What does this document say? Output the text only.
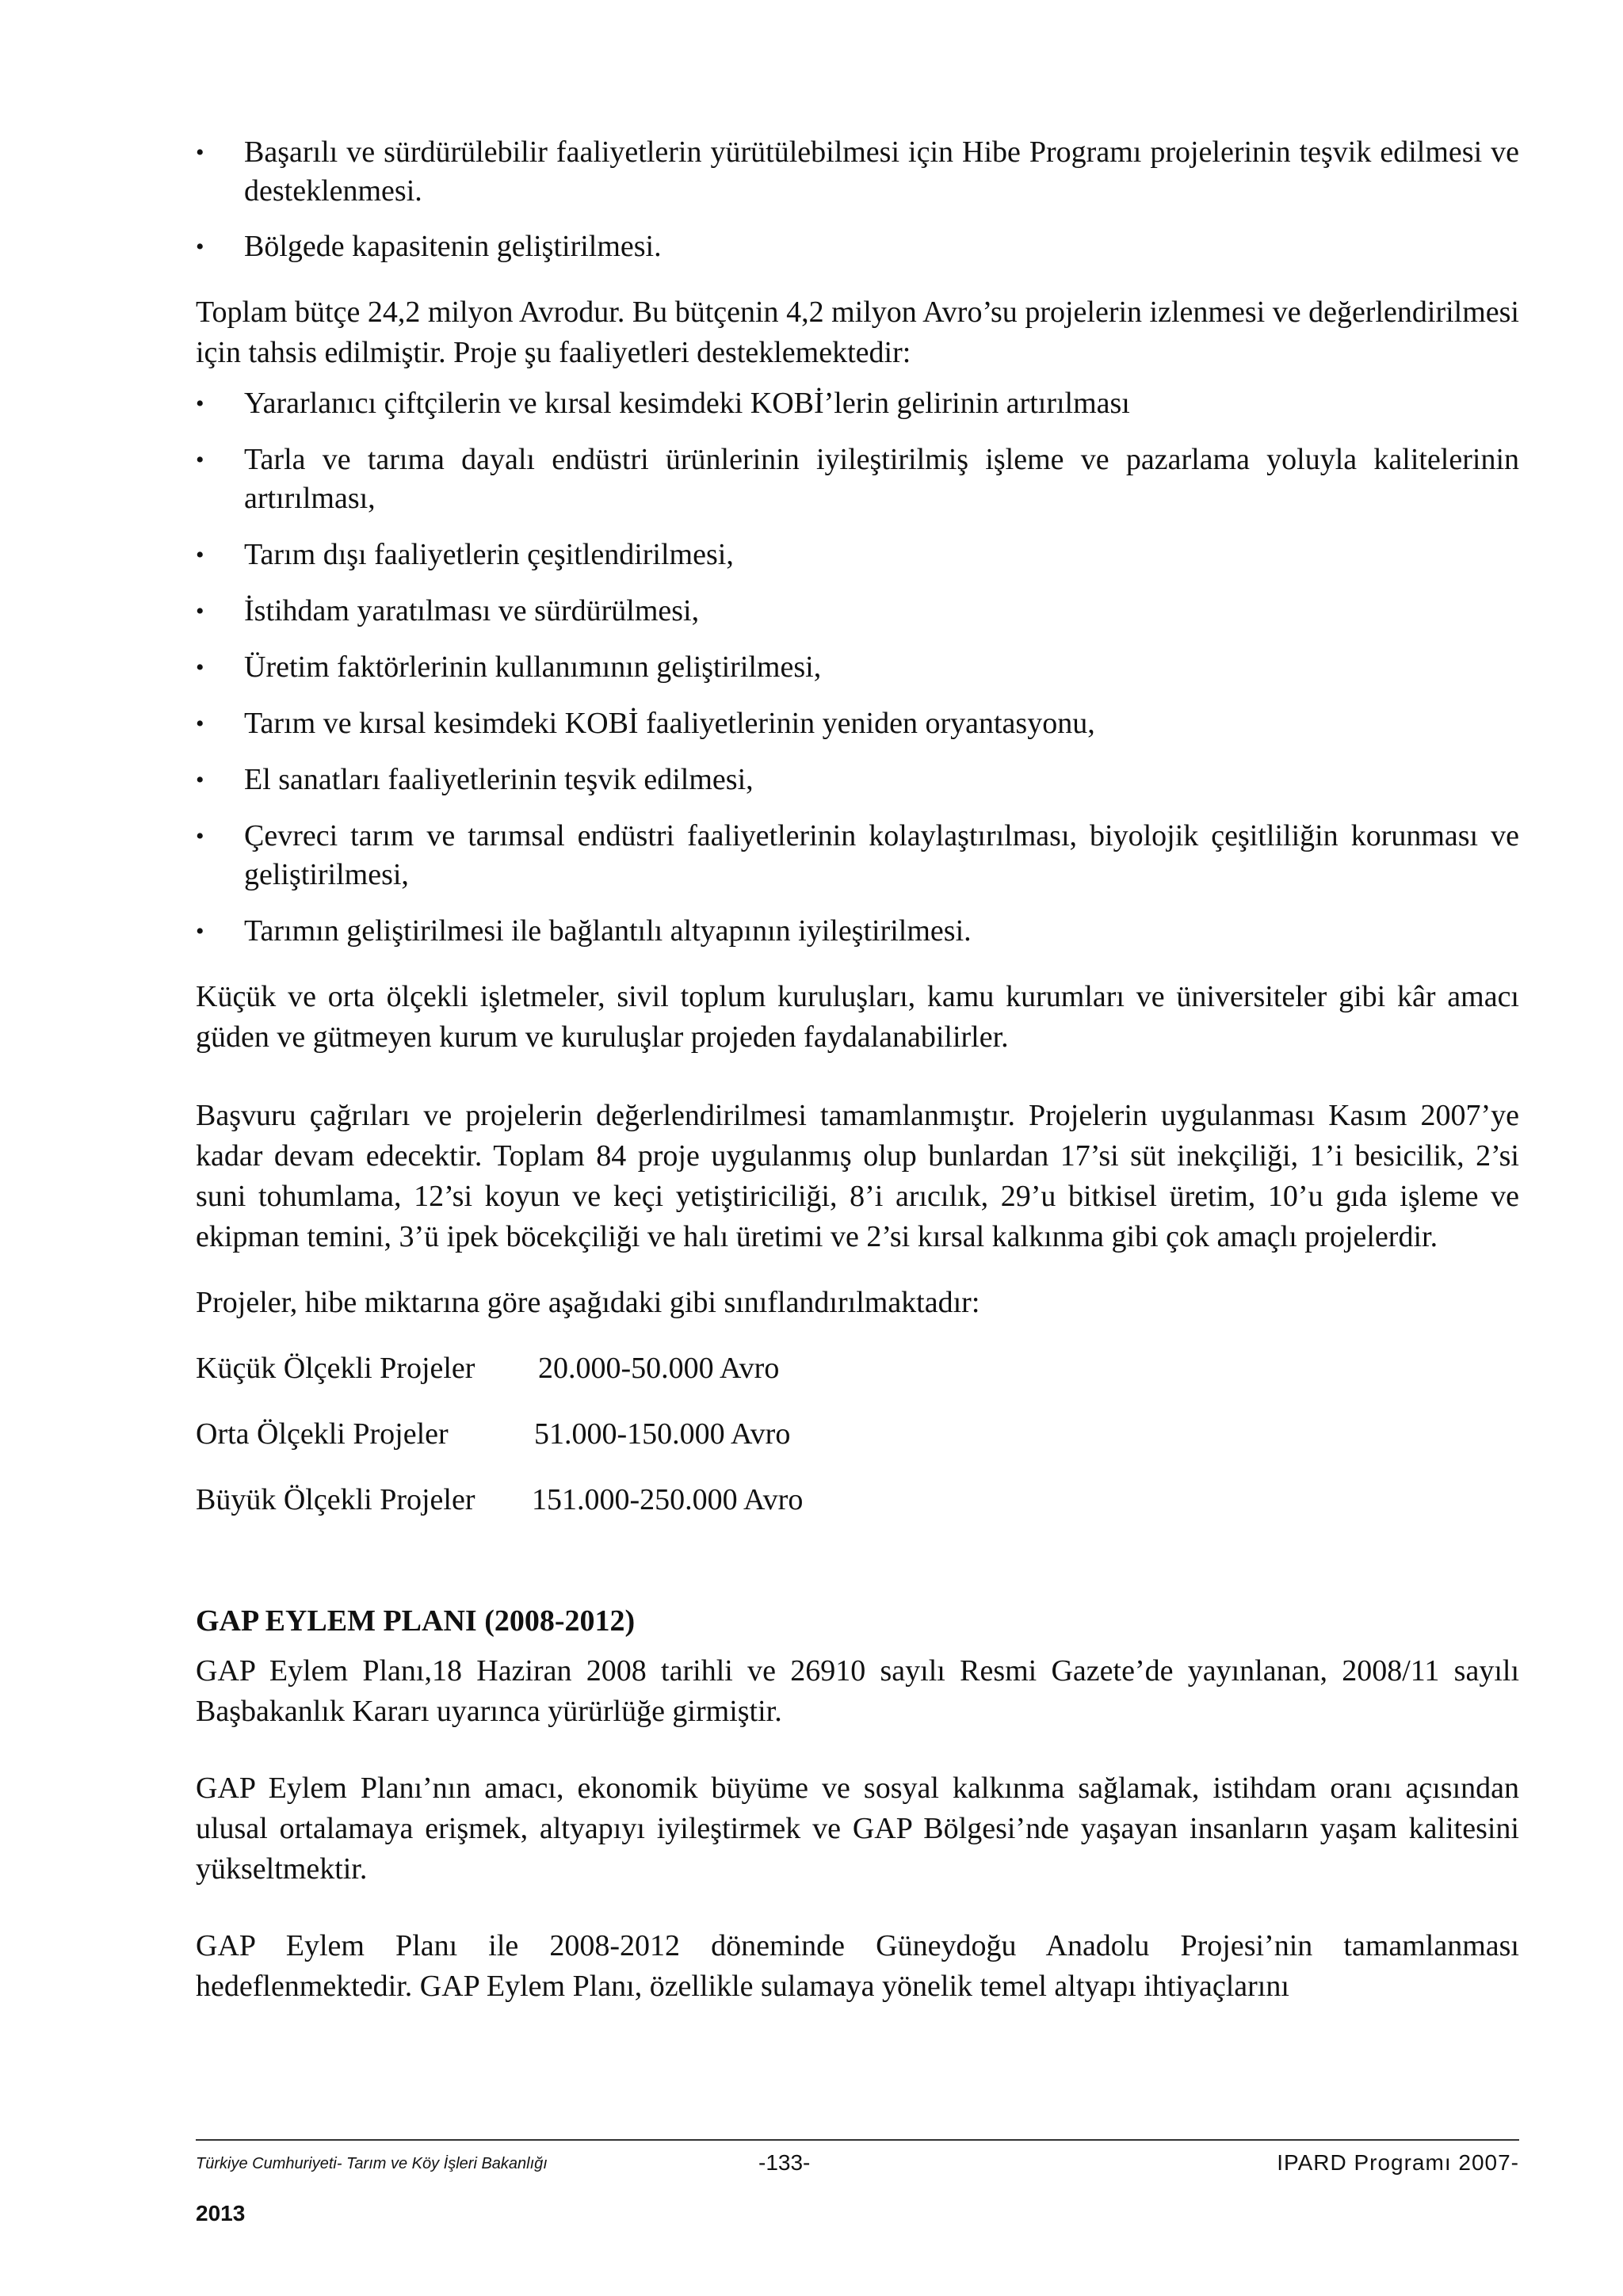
•	Başarılı ve sürdürülebilir faaliyetlerin yürütülebilmesi için Hibe Programı projelerinin teşvik edilmesi ve desteklenmesi.
•	Bölgede kapasitenin geliştirilmesi.

Toplam bütçe 24,2 milyon Avrodur. Bu bütçenin 4,2 milyon Avro’su projelerin izlenmesi ve değerlendirilmesi için tahsis edilmiştir. Proje şu faaliyetleri desteklemektedir:

•	Yararlanıcı çiftçilerin ve kırsal kesimdeki KOBİ’lerin gelirinin artırılması
•	Tarla ve tarıma dayalı endüstri ürünlerinin iyileştirilmiş işleme ve pazarlama yoluyla kalitelerinin artırılması,
•	Tarım dışı faaliyetlerin çeşitlendirilmesi,
•	İstihdam yaratılması ve sürdürülmesi,
•	Üretim faktörlerinin kullanımının geliştirilmesi,
•	Tarım ve kırsal kesimdeki KOBİ faaliyetlerinin yeniden oryantasyonu,
•	El sanatları faaliyetlerinin teşvik edilmesi,
•	Çevreci tarım ve tarımsal endüstri faaliyetlerinin kolaylaştırılması, biyolojik çeşitliliğin korunması ve geliştirilmesi,
•	Tarımın geliştirilmesi ile bağlantılı altyapının iyileştirilmesi.

Küçük ve orta ölçekli işletmeler, sivil toplum kuruluşları, kamu kurumları ve üniversiteler gibi kâr amacı güden ve gütmeyen kurum ve kuruluşlar projeden faydalanabilirler.

Başvuru çağrıları ve projelerin değerlendirilmesi tamamlanmıştır. Projelerin uygulanması Kasım 2007’ye kadar devam edecektir. Toplam 84 proje uygulanmış olup bunlardan 17’si süt inekçiliği, 1’i besicilik, 2’si suni tohumlama, 12’si koyun ve keçi yetiştiriciliği, 8’i arıcılık, 29’u bitkisel üretim, 10’u gıda işleme ve ekipman temini, 3’ü ipek böcekçiliği ve halı üretimi ve 2’si kırsal kalkınma gibi çok amaçlı projelerdir.

Projeler, hibe miktarına göre aşağıdaki gibi sınıflandırılmaktadır:

Küçük Ölçekli Projeler	20.000-50.000 Avro
Orta Ölçekli Projeler	51.000-150.000 Avro
Büyük Ölçekli Projeler	151.000-250.000 Avro

GAP EYLEM PLANI (2008-2012)

GAP Eylem Planı,18 Haziran 2008 tarihli ve 26910 sayılı Resmi Gazete’de yayınlanan, 2008/11 sayılı Başbakanlık Kararı uyarınca yürürlüğe girmiştir.

GAP Eylem Planı’nın amacı, ekonomik büyüme ve sosyal kalkınma sağlamak, istihdam oranı açısından ulusal ortalamaya erişmek, altyapıyı iyileştirmek ve GAP Bölgesi’nde yaşayan insanların yaşam kalitesini yükseltmektir.

GAP Eylem Planı ile 2008-2012 döneminde Güneydoğu Anadolu Projesi’nin tamamlanması hedeflenmektedir. GAP Eylem Planı, özellikle sulamaya yönelik temel altyapı ihtiyaçlarını

Türkiye Cumhuriyeti- Tarım ve Köy İşleri Bakanlığı	-133-	IPARD Programı 2007-
2013
